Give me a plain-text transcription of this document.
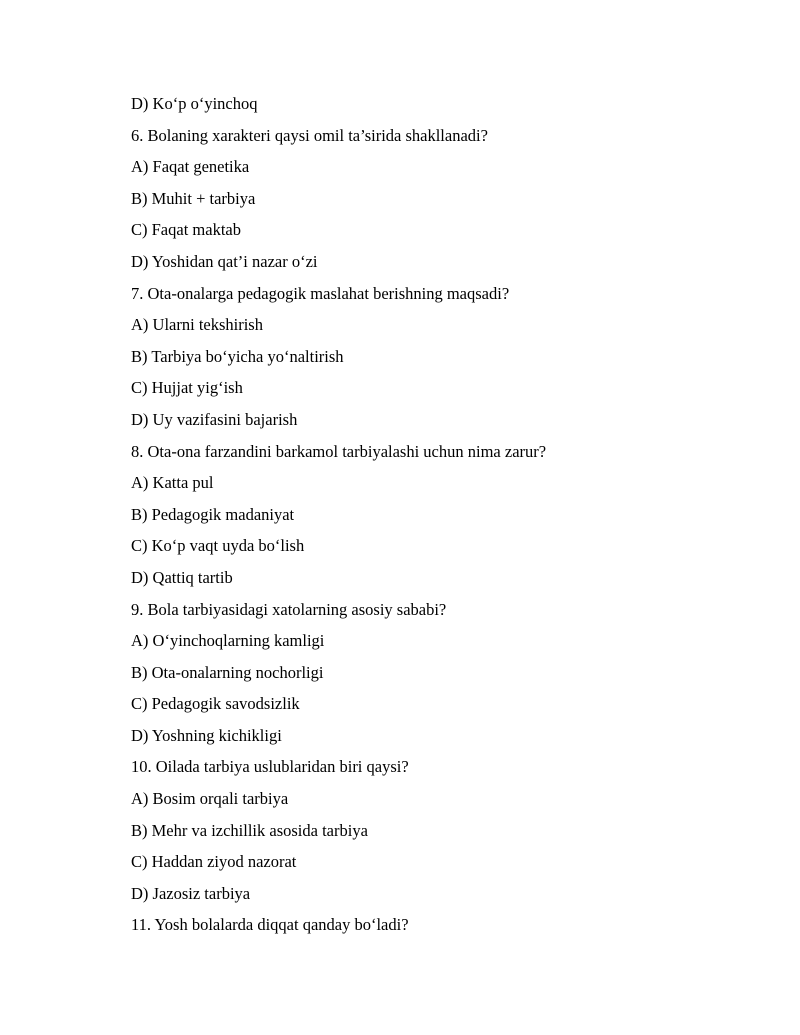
D) Ko‘p o‘yinchoq
6. Bolaning xarakteri qaysi omil ta’sirida shakllanadi?
A) Faqat genetika
B) Muhit + tarbiya
C) Faqat maktab
D) Yoshidan qat’i nazar o‘zi
7. Ota-onalarga pedagogik maslahat berishning maqsadi?
A) Ularni tekshirish
B) Tarbiya bo‘yicha yo‘naltirish
C) Hujjat yig‘ish
D) Uy vazifasini bajarish
8. Ota-ona farzandini barkamol tarbiyalashi uchun nima zarur?
A) Katta pul
B) Pedagogik madaniyat
C) Ko‘p vaqt uyda bo‘lish
D) Qattiq tartib
9. Bola tarbiyasidagi xatolarning asosiy sababi?
A) O‘yinchoqlarning kamligi
B) Ota-onalarning nochorligi
C) Pedagogik savodsizlik
D) Yoshning kichikligi
10. Oilada tarbiya uslublaridan biri qaysi?
A) Bosim orqali tarbiya
B) Mehr va izchillik asosida tarbiya
C) Haddan ziyod nazorat
D) Jazosiz tarbiya
11. Yosh bolalarda diqqat qanday bo‘ladi?
